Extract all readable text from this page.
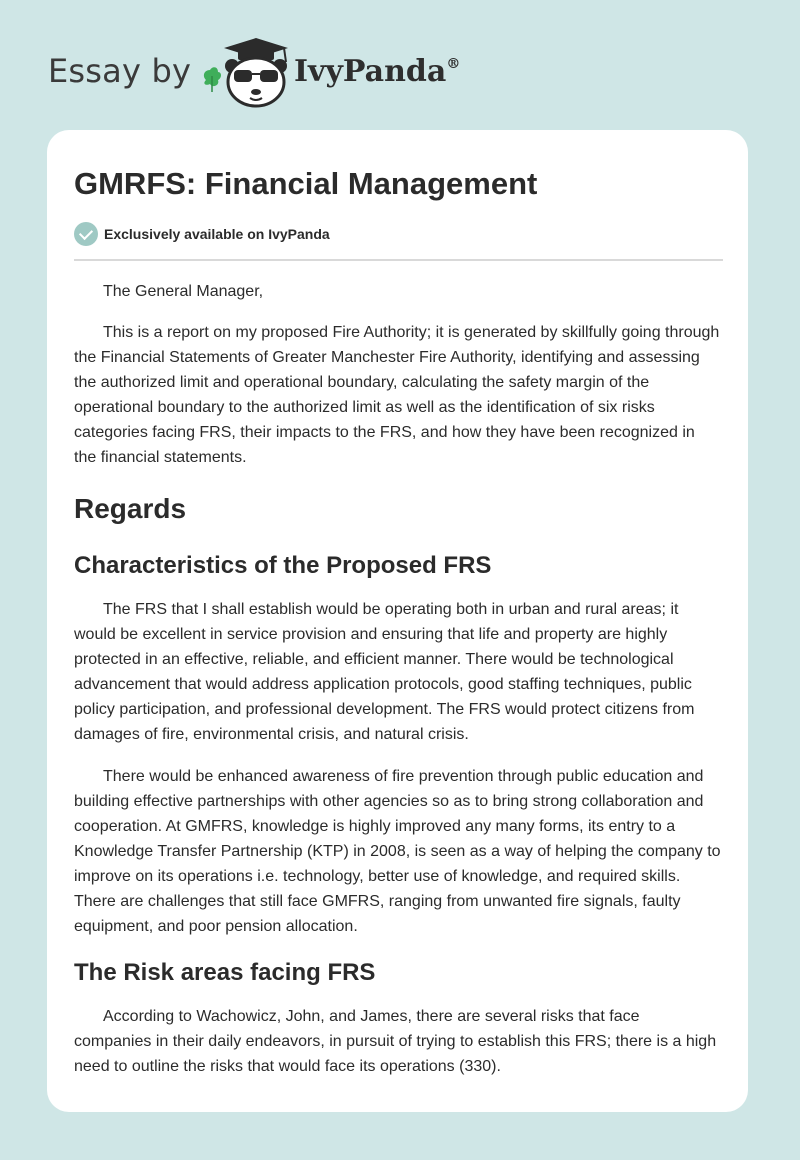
Essay by	IvyPanda®
GMRFS: Financial Management
Exclusively available on IvyPanda

The General Manager,

This is a report on my proposed Fire Authority; it is generated by skillfully going through the Financial Statements of Greater Manchester Fire Authority, identifying and assessing the authorized limit and operational boundary, calculating the safety margin of the operational boundary to the authorized limit as well as the identification of six risks categories facing FRS, their impacts to the FRS, and how they have been recognized in the financial statements.

Regards
Characteristics of the Proposed FRS

The FRS that I shall establish would be operating both in urban and rural areas; it would be excellent in service provision and ensuring that life and property are highly protected in an effective, reliable, and efficient manner. There would be technological advancement that would address application protocols, good staffing techniques, public policy participation, and professional development. The FRS would protect citizens from damages of fire, environmental crisis, and natural crisis.

There would be enhanced awareness of fire prevention through public education and building effective partnerships with other agencies so as to bring strong collaboration and cooperation. At GMFRS, knowledge is highly improved any many forms, its entry to a Knowledge Transfer Partnership (KTP) in 2008, is seen as a way of helping the company to improve on its operations i.e. technology, better use of knowledge, and required skills. There are challenges that still face GMFRS, ranging from unwanted fire signals, faulty equipment, and poor pension allocation.

The Risk areas facing FRS

According to Wachowicz, John, and James, there are several risks that face companies in their daily endeavors, in pursuit of trying to establish this FRS; there is a high need to outline the risks that would face its operations (330).
